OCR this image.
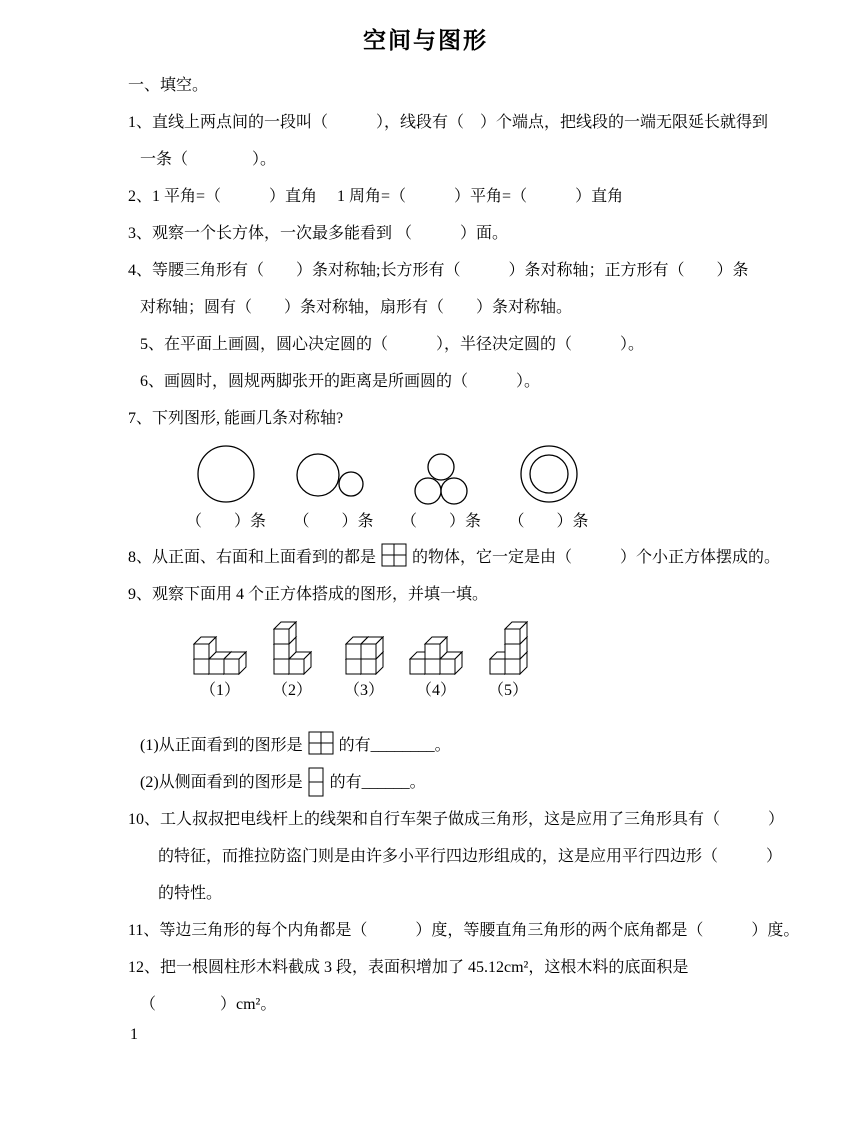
空间与图形
一、填空。
1、直线上两点间的一段叫（　　　），线段有（　）个端点，把线段的一端无限延长就得到
一条（　　　　）。
2、1 平角=（　　　）直角　 1 周角=（　　　）平角=（　　　）直角
3、观察一个长方体，一次最多能看到 （　　　）面。
4、等腰三角形有（　　）条对称轴;长方形有（　　　）条对称轴；正方形有（　　）条
对称轴；圆有（　　）条对称轴，扇形有（　　）条对称轴。
5、在平面上画圆，圆心决定圆的（　　　），半径决定圆的（　　　）。
6、画圆时，圆规两脚张开的距离是所画圆的（　　　）。
7、下列图形, 能画几条对称轴?
（　　）条	（　　）条	（　　）条	（　　）条
8、从正面、右面和上面看到的都是 的物体，它一定是由（　　　）个小正方体摆成的。
9、观察下面用 4 个正方体搭成的图形，并填一填。
（1）	（2）	（3）	（4）	（5）
(1)从正面看到的图形是 的有________。
(2)从侧面看到的图形是 的有______。
10、工人叔叔把电线杆上的线架和自行车架子做成三角形，这是应用了三角形具有（　　　）
的特征，而推拉防盗门则是由许多小平行四边形组成的，这是应用平行四边形（　　　）
的特性。
11、等边三角形的每个内角都是（　　　）度，等腰直角三角形的两个底角都是（　　　）度。
12、把一根圆柱形木料截成 3 段，表面积增加了 45.12cm²，这根木料的底面积是
（　　　　）cm²。
1
